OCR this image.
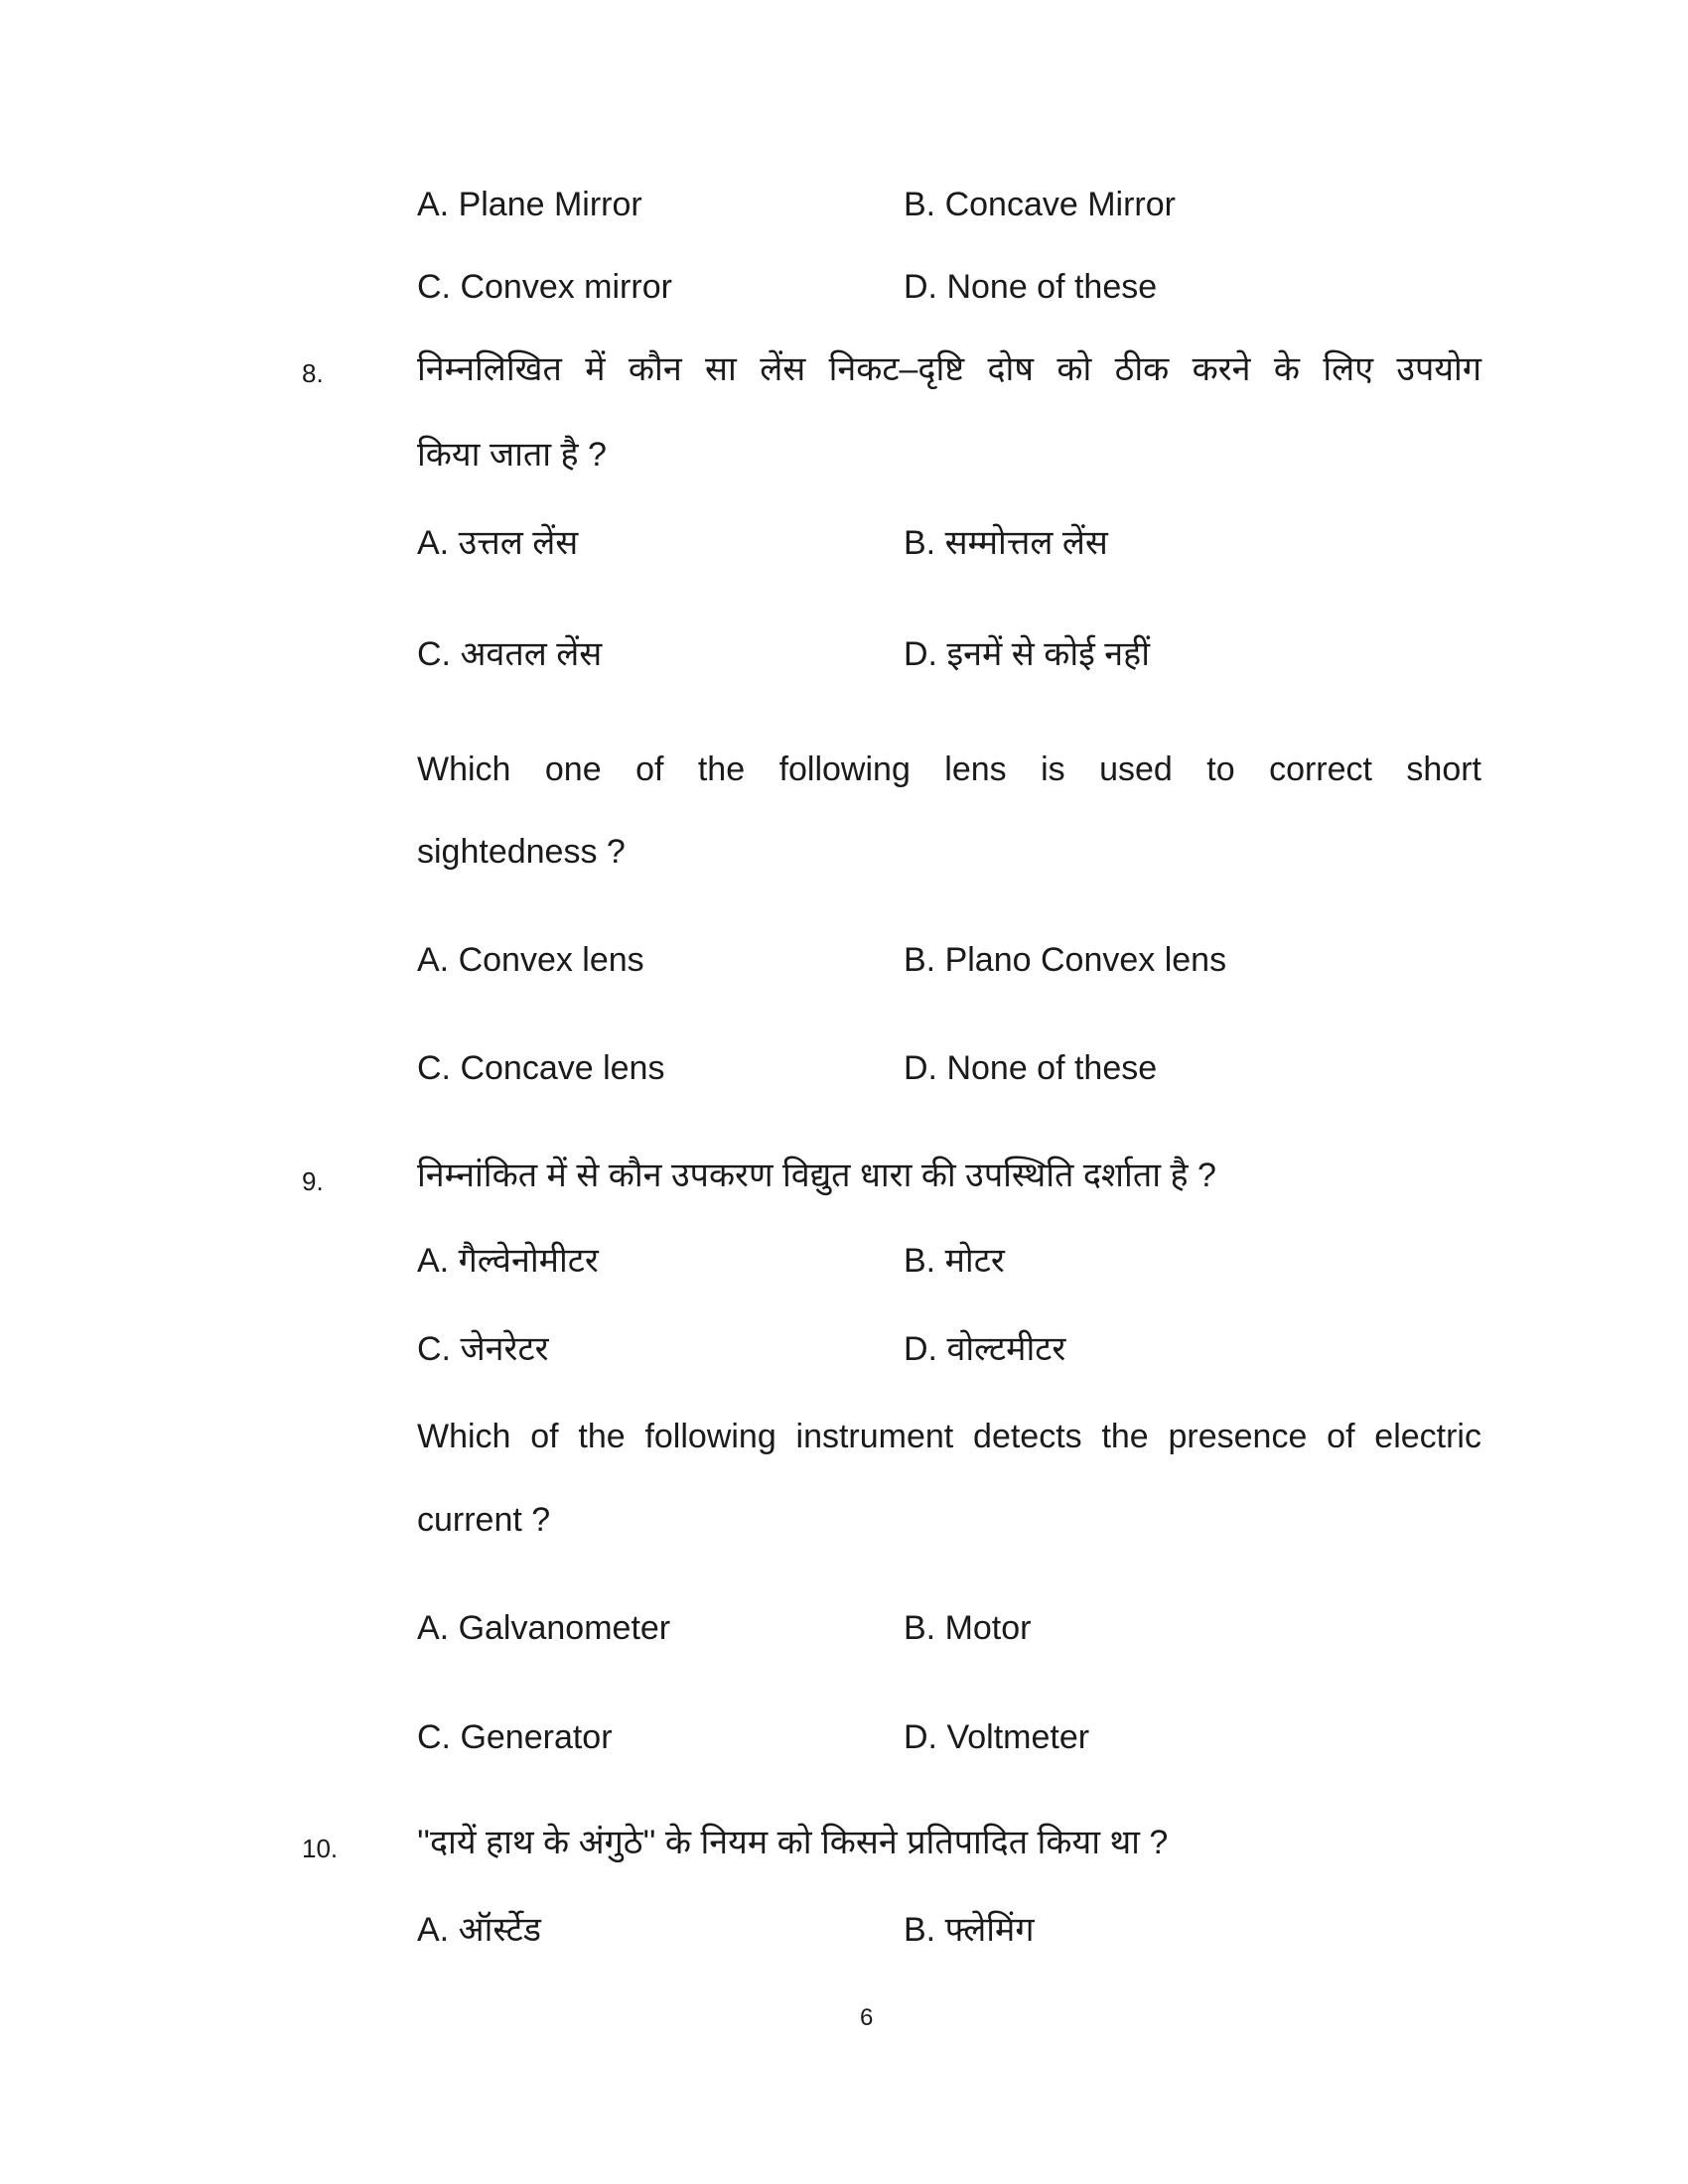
A. Plane Mirror	B. Concave Mirror
C. Convex mirror	D. None of these
8.	निम्नलिखित में कौन सा लेंस निकट–दृष्टि दोष को ठीक करने के लिए उपयोग
किया जाता है ?
A. उत्तल लेंस	B. सम्मोत्तल लेंस
C. अवतल लेंस	D. इनमें से कोई नहीं
Which one of the following lens is used to correct short
sightedness ?
A. Convex lens	B. Plano Convex lens
C. Concave lens	D. None of these
9.	निम्नांकित में से कौन उपकरण विद्युत धारा की उपस्थिति दर्शाता है ?
A. गैल्वेनोमीटर	B. मोटर
C. जेनरेटर	D. वोल्टमीटर
Which of the following instrument detects the presence of electric
current ?
A. Galvanometer	B. Motor
C. Generator	D. Voltmeter
10. ''दायें हाथ के अंगुठे'' के नियम को किसने प्रतिपादित किया था ?
A. ऑर्स्टेड	B. फ्लेमिंग
6
